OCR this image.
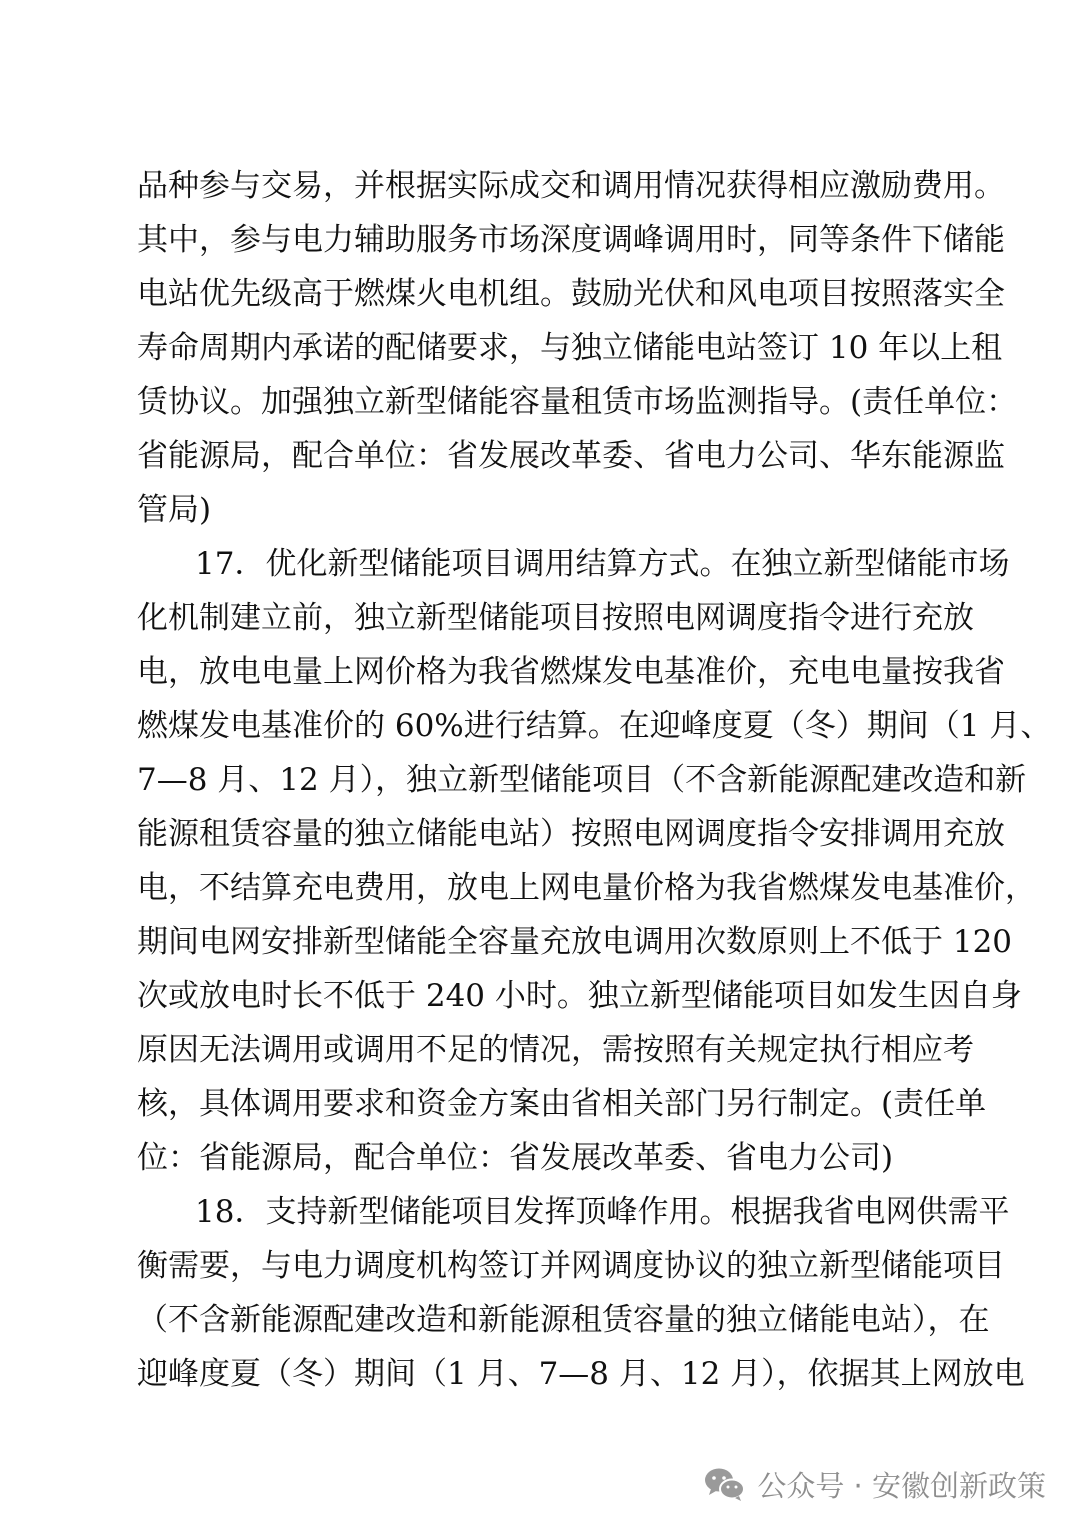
品种参与交易，并根据实际成交和调用情况获得相应激励费用。
其中，参与电力辅助服务市场深度调峰调用时，同等条件下储能
电站优先级高于燃煤火电机组。鼓励光伏和风电项目按照落实全
寿命周期内承诺的配储要求，与独立储能电站签订 10 年以上租
赁协议。加强独立新型储能容量租赁市场监测指导。(责任单位：
省能源局，配合单位：省发展改革委、省电力公司、华东能源监
管局)
17．优化新型储能项目调用结算方式。在独立新型储能市场
化机制建立前，独立新型储能项目按照电网调度指令进行充放
电，放电电量上网价格为我省燃煤发电基准价，充电电量按我省
燃煤发电基准价的 60%进行结算。在迎峰度夏（冬）期间（1 月、
7—8 月、12 月），独立新型储能项目（不含新能源配建改造和新
能源租赁容量的独立储能电站）按照电网调度指令安排调用充放
电，不结算充电费用，放电上网电量价格为我省燃煤发电基准价，
期间电网安排新型储能全容量充放电调用次数原则上不低于 120
次或放电时长不低于 240 小时。独立新型储能项目如发生因自身
原因无法调用或调用不足的情况，需按照有关规定执行相应考
核，具体调用要求和资金方案由省相关部门另行制定。(责任单
位：省能源局，配合单位：省发展改革委、省电力公司)
18．支持新型储能项目发挥顶峰作用。根据我省电网供需平
衡需要，与电力调度机构签订并网调度协议的独立新型储能项目
（不含新能源配建改造和新能源租赁容量的独立储能电站），在
迎峰度夏（冬）期间（1 月、7—8 月、12 月），依据其上网放电
公众号 · 安徽创新政策
